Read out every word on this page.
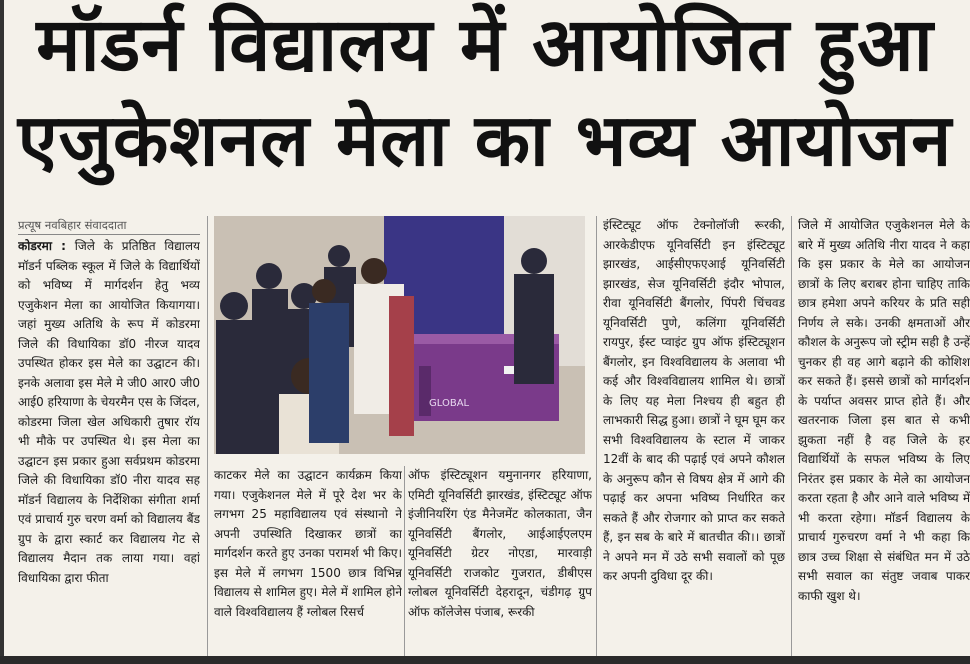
मॉडर्न विद्यालय में आयोजित हुआ
एजुकेशनल मेला का भव्य आयोजन
प्रत्यूष नवबिहार संवाददाता
कोडरमा : जिले के प्रतिष्ठित विद्यालय मॉडर्न पब्लिक स्कूल में जिले के विद्यार्थियों को भविष्य में मार्गदर्शन हेतु भव्य एजुकेशन मेला का आयोजित कियागया। जहां मुख्य अतिथि के रूप में कोडरमा जिले की विधायिका डॉ0 नीरज यादव उपस्थित होकर इस मेले का उद्घाटन की। इनके अलावा इस मेले मे जी0 आर0 जी0 आई0 हरियाणा के चेयरमैन एस के जिंदल, कोडरमा जिला खेल अधिकारी तुषार रॉय भी मौके पर उपस्थित थे। इस मेला का उद्घाटन इस प्रकार हुआ सर्वप्रथम कोडरमा जिले की विधायिका डॉ0 नीरा यादव सह मॉडर्न विद्यालय के निर्देशिका संगीता शर्मा एवं प्राचार्य गुरु चरण वर्मा को विद्यालय बैंड ग्रुप के द्वारा स्कार्ट कर विद्यालय गेट से विद्यालय मैदान तक लाया गया। वहां विधायिका द्वारा फीता
GLOBAL
काटकर मेले का उद्घाटन कार्यक्रम किया गया। एजुकेशनल मेले में पूरे देश भर के लगभग 25 महाविद्यालय एवं संस्थानो ने अपनी उपस्थिति दिखाकर छात्रों का मार्गदर्शन करते हुए उनका परामर्श भी किए। इस मेले में लगभग 1500 छात्र विभिन्न विद्यालय से शामिल हुए। मेले में शामिल होने वाले विश्वविद्यालय हैं ग्लोबल रिसर्च
ऑफ इंस्टिट्यूशन यमुनानगर हरियाणा, एमिटी यूनिवर्सिटी झारखंड, इंस्टिट्यूट ऑफ इंजीनियरिंग एंड मैनेजमेंट कोलकाता, जैन यूनिवर्सिटी बैंगलोर, आईआईएलएम यूनिवर्सिटी ग्रेटर नोएडा, मारवाड़ी यूनिवर्सिटी राजकोट गुजरात, डीबीएस ग्लोबल यूनिवर्सिटी देहरादून, चंडीगढ़ ग्रुप ऑफ कॉलेजेस पंजाब, रूरकी
इंस्टिट्यूट ऑफ टेक्नोलॉजी रूरकी, आरकेडीएफ यूनिवर्सिटी इन इंस्टिट्यूट झारखंड, आईसीएफएआई यूनिवर्सिटी झारखंड, सेज यूनिवर्सिटी इंदौर भोपाल, रीवा यूनिवर्सिटी बैंगलोर, पिंपरी चिंचवड यूनिवर्सिटी पुणे, कलिंगा यूनिवर्सिटी रायपुर, ईस्ट प्वाइंट ग्रुप ऑफ इंस्टिट्यूशन बैंगलोर, इन विश्वविद्यालय के अलावा भी कई और विश्वविद्यालय शामिल थे। छात्रों के लिए यह मेला निश्चय ही बहुत ही लाभकारी सिद्ध हुआ। छात्रों ने घूम घूम कर सभी विश्वविद्यालय के स्टाल में जाकर 12वीं के बाद की पढ़ाई एवं अपने कौशल के अनुरूप कौन से विषय क्षेत्र में आगे की पढ़ाई कर अपना भविष्य निर्धारित कर सकते हैं और रोजगार को प्राप्त कर सकते हैं, इन सब के बारे में बातचीत की।। छात्रों ने अपने मन में उठे सभी सवालों को पूछ कर अपनी दुविधा दूर की।
जिले में आयोजित एजुकेशनल मेले के बारे में मुख्य अतिथि नीरा यादव ने कहा कि इस प्रकार के मेले का आयोजन छात्रों के लिए बराबर होना चाहिए ताकि छात्र हमेशा अपने करियर के प्रति सही निर्णय ले सके। उनकी क्षमताओं और कौशल के अनुरूप जो स्ट्रीम सही है उन्हें चुनकर ही वह आगे बढ़ाने की कोशिश कर सकते हैं। इससे छात्रों को मार्गदर्शन के पर्याप्त अवसर प्राप्त होते हैं। और खतरनाक जिला इस बात से कभी झुकता नहीं है वह जिले के हर विद्यार्थियों के सफल भविष्य के लिए निरंतर इस प्रकार के मेले का आयोजन करता रहता है और आने वाले भविष्य में भी करता रहेगा। मॉडर्न विद्यालय के प्राचार्य गुरुचरण वर्मा ने भी कहा कि छात्र उच्च शिक्षा से संबंधित मन में उठे सभी सवाल का संतुष्ट जवाब पाकर काफी खुश थे।
